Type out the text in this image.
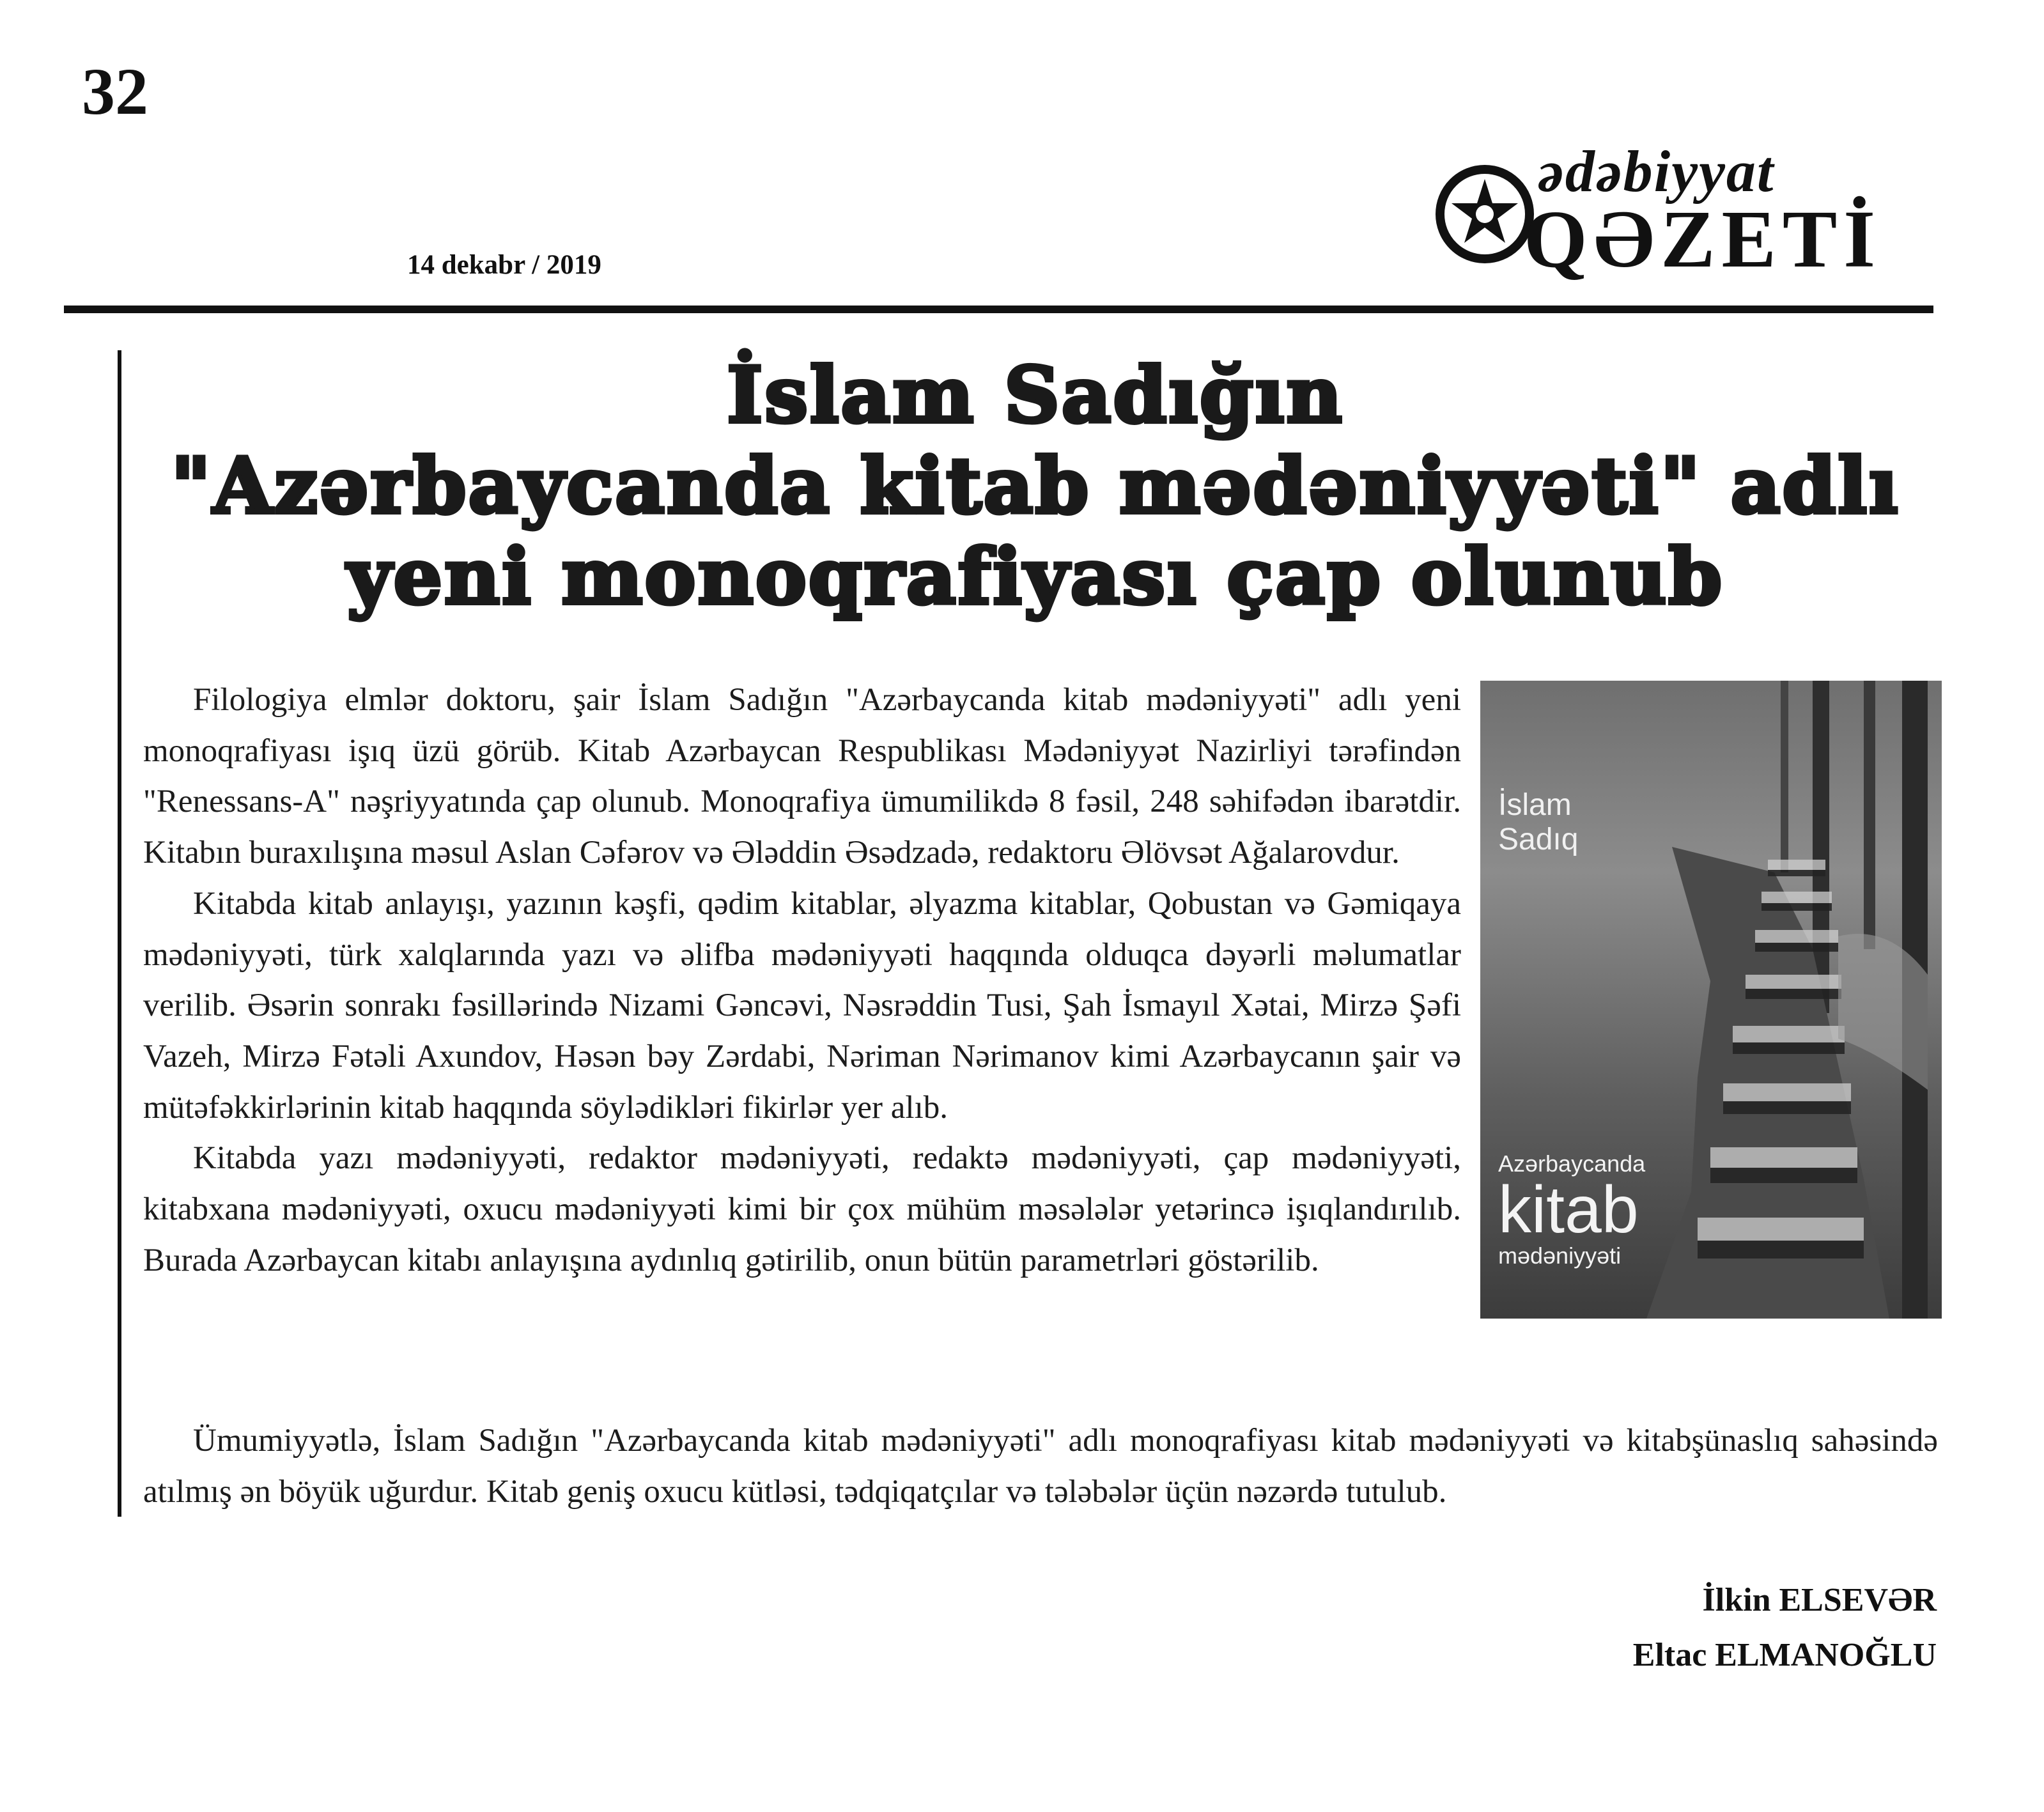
32
14 dekabr / 2019
ədəbiyyat
QƏZETİ
İslam Sadığın
"Azərbaycanda kitab mədəniyyəti" adlı
yeni monoqrafiyası çap olunub

Filologiya elmlər doktoru, şair İslam Sadığın "Azərbaycanda kitab mədəniyyəti" adlı yeni monoqrafiyası işıq üzü görüb. Kitab Azərbaycan Respublikası Mədəniyyət Nazirliyi tərəfindən "Renessans-A" nəşriyyatında çap olunub. Monoqrafiya ümumilikdə 8 fəsil, 248 səhifədən ibarətdir. Kitabın buraxılışına məsul Aslan Cəfərov və Ələddin Əsədzadə, redaktoru Əlövsət Ağalarovdur.

Kitabda kitab anlayışı, yazının kəşfi, qədim kitablar, əlyazma kitablar, Qobustan və Gəmiqaya mədəniyyəti, türk xalqlarında yazı və əlifba mədəniyyəti haqqında olduqca dəyərli məlumatlar verilib. Əsərin sonrakı fəsillərində Nizami Gəncəvi, Nəsrəddin Tusi, Şah İsmayıl Xətai, Mirzə Şəfi Vazeh, Mirzə Fətəli Axundov, Həsən bəy Zərdabi, Nəriman Nərimanov kimi Azərbaycanın şair və mütəfəkkirlərinin kitab haqqında söylədikləri fikirlər yer alıb.

Kitabda yazı mədəniyyəti, redaktor mədəniyyəti, redaktə mədəniyyəti, çap mədəniyyəti, kitabxana mədəniyyəti, oxucu mədəniyyəti kimi bir çox mühüm məsələlər yetərincə işıqlandırılıb. Burada Azərbaycan kitabı anlayışına aydınlıq gətirilib, onun bütün parametrləri göstərilib.

Ümumiyyətlə, İslam Sadığın "Azərbaycanda kitab mədəniyyəti" adlı monoqrafiyası kitab mədəniyyəti və kitabşünaslıq sahəsində atılmış ən böyük uğurdur. Kitab geniş oxucu kütləsi, tədqiqatçılar və tələbələr üçün nəzərdə tutulub.

İslam
Sadıq
Azərbaycanda
kitab
mədəniyyəti
İlkin ELSEVƏR
Eltac ELMANOĞLU
